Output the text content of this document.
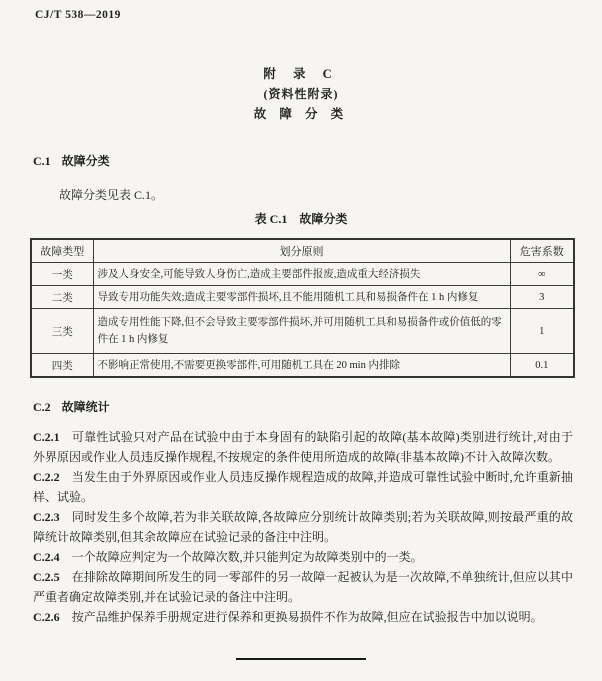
CJ/T 538—2019
附 录 C
(资料性附录)
故 障 分 类
C.1 故障分类
故障分类见表 C.1。
表 C.1 故障分类
故障类型	划分原则	危害系数
一类	涉及人身安全,可能导致人身伤亡,造成主要部件报废,造成重大经济损失	∞
二类	导致专用功能失效;造成主要零部件损坏,且不能用随机工具和易损备件在 1 h 内修复	3
三类	造成专用性能下降,但不会导致主要零部件损坏,并可用随机工具和易损备件或价值低的零件在 1 h 内修复	1
四类	不影响正常使用,不需要更换零部件,可用随机工具在 20 min 内排除	0.1
C.2 故障统计

C.2.1 可靠性试验只对产品在试验中由于本身固有的缺陷引起的故障(基本故障)类别进行统计,对由于外界原因或作业人员违反操作规程,不按规定的条件使用所造成的故障(非基本故障)不计入故障次数。

C.2.2 当发生由于外界原因或作业人员违反操作规程造成的故障,并造成可靠性试验中断时,允许重新抽样、试验。

C.2.3 同时发生多个故障,若为非关联故障,各故障应分别统计故障类别;若为关联故障,则按最严重的故障统计故障类别,但其余故障应在试验记录的备注中注明。

C.2.4 一个故障应判定为一个故障次数,并只能判定为故障类别中的一类。

C.2.5 在排除故障期间所发生的同一零部件的另一故障一起被认为是一次故障,不单独统计,但应以其中严重者确定故障类别,并在试验记录的备注中注明。

C.2.6 按产品维护保养手册规定进行保养和更换易损件不作为故障,但应在试验报告中加以说明。
